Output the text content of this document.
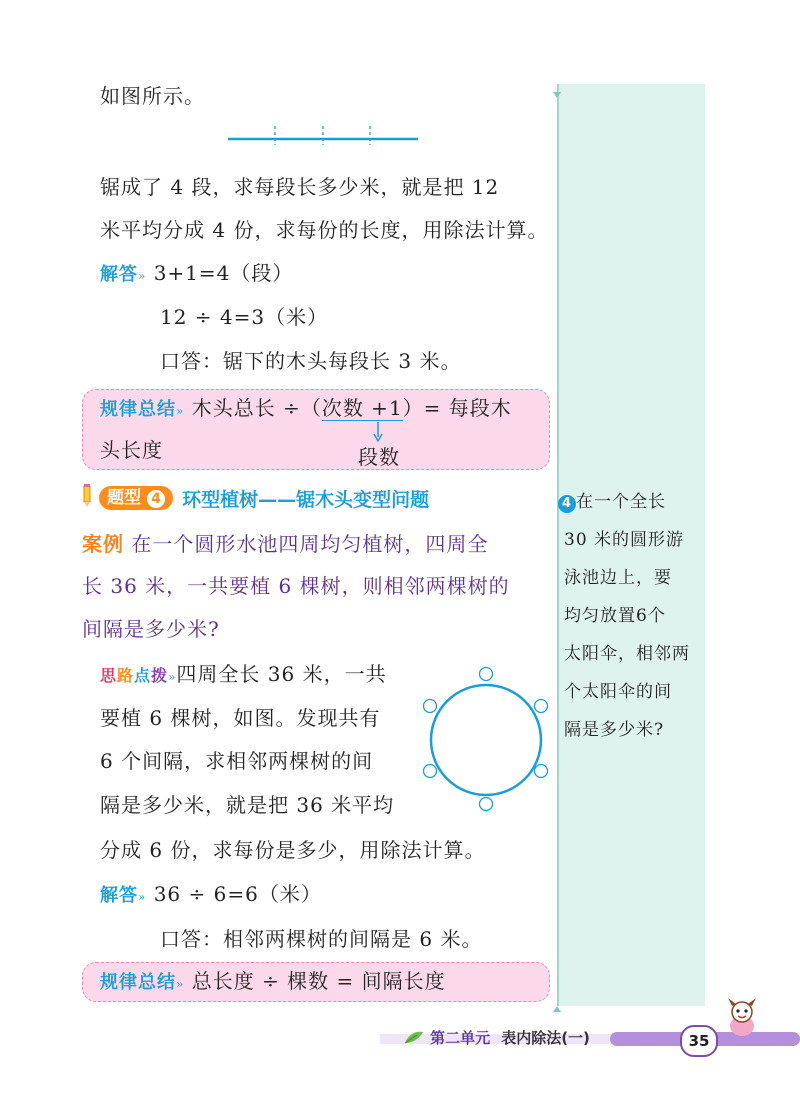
4 在一个全长
30 米的圆形游
泳池边上，要
均匀放置6个
太阳伞，相邻两
个太阳伞的间
隔是多少米?
如图所示。
锯成了 4 段，求每段长多少米，就是把 12
米平均分成 4 份，求每份的长度，用除法计算。
解答» 3+1=4（段）
12 ÷ 4=3（米）
口答：锯下的木头每段长 3 米。
规律总结» 木头总长 ÷（次数 +1）= 每段木
头长度	段数
题型 4 环型植树——锯木头变型问题
案例 在一个圆形水池四周均匀植树，四周全
长 36 米，一共要植 6 棵树，则相邻两棵树的
间隔是多少米?
思路点拨»四周全长 36 米，一共
要植 6 棵树，如图。发现共有
6 个间隔，求相邻两棵树的间
隔是多少米，就是把 36 米平均
分成 6 份，求每份是多少，用除法计算。
解答» 36 ÷ 6=6（米）
口答：相邻两棵树的间隔是 6 米。
规律总结» 总长度 ÷ 棵数 = 间隔长度
第二单元 表内除法(一)	35
